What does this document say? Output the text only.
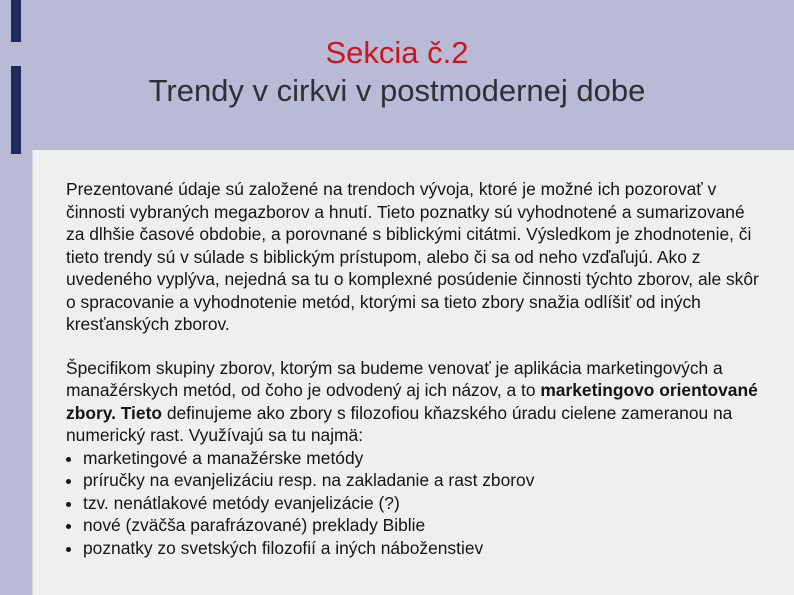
Sekcia č.2
Trendy v cirkvi v postmodernej dobe

Prezentované údaje sú založené na trendoch vývoja, ktoré je možné ich pozorovať v činnosti vybraných megazborov a hnutí. Tieto poznatky sú vyhodnotené a sumarizované za dlhšie časové obdobie, a porovnané s biblickými citátmi. Výsledkom je zhodnotenie, či tieto trendy sú v súlade s biblickým prístupom, alebo či sa od neho vzďaľujú. Ako z uvedeného vyplýva, nejedná sa tu o komplexné posúdenie činnosti týchto zborov, ale skôr o spracovanie a vyhodnotenie metód, ktorými sa tieto zbory snažia odlíšiť od iných kresťanských zborov.

Špecifikom skupiny zborov, ktorým sa budeme venovať je aplikácia marketingových a manažérskych metód, od čoho je odvodený aj ich názov, a to marketingovo orientované zbory. Tieto definujeme ako zbory s filozofiou kňazského úradu cielene zameranou na numerický rast. Využívajú sa tu najmä:
marketingové a manažérske metódy
príručky na evanjelizáciu resp. na zakladanie a rast zborov
tzv. nenátlakové metódy evanjelizácie (?)
nové (zväčša parafrázované) preklady Biblie
poznatky zo svetských filozofií a iných náboženstiev
